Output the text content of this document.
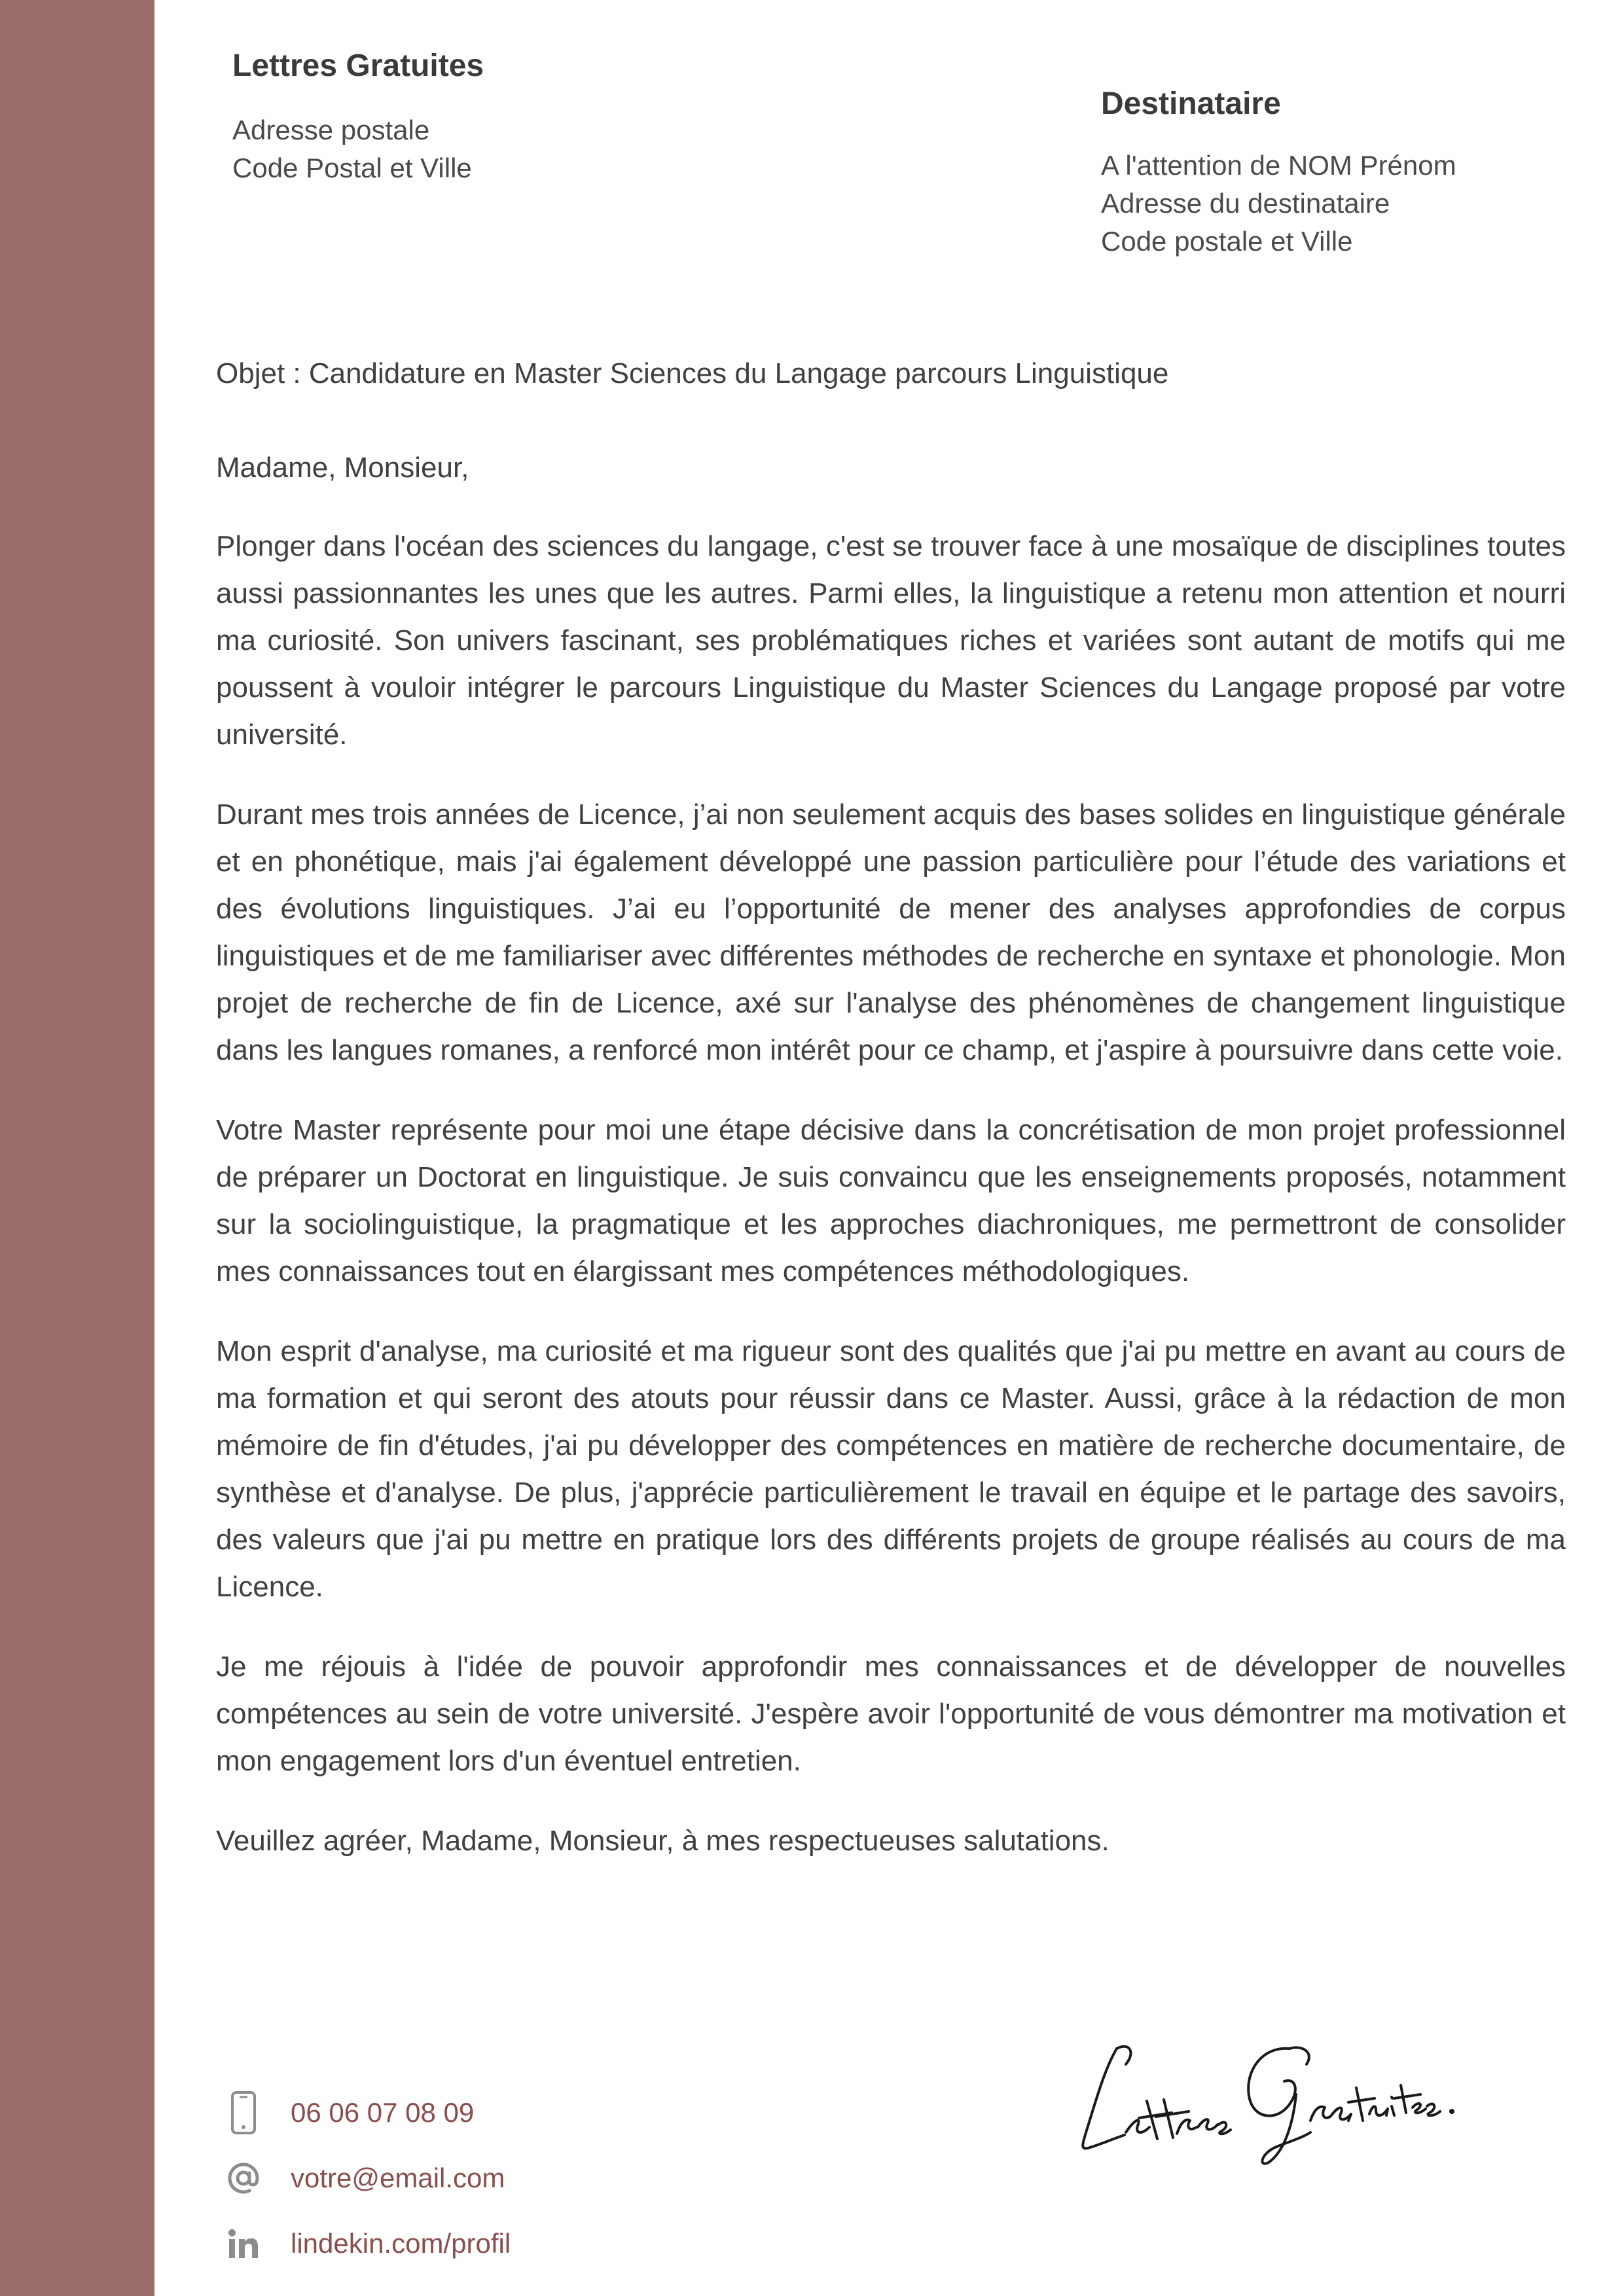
Lettres Gratuites
Adresse postale
Code Postal et Ville
Destinataire
A l'attention de NOM Prénom
Adresse du destinataire
Code postale et Ville

Objet : Candidature en Master Sciences du Langage parcours Linguistique

Madame, Monsieur,

Plonger dans l'océan des sciences du langage, c'est se trouver face à une mosaïque de disciplines toutes aussi passionnantes les unes que les autres. Parmi elles, la linguistique a retenu mon attention et nourri ma curiosité. Son univers fascinant, ses problématiques riches et variées sont autant de motifs qui me poussent à vouloir intégrer le parcours Linguistique du Master Sciences du Langage proposé par votre université.

Durant mes trois années de Licence, j’ai non seulement acquis des bases solides en linguistique générale et en phonétique, mais j'ai également développé une passion particulière pour l’étude des variations et des évolutions linguistiques. J’ai eu l’opportunité de mener des analyses approfondies de corpus linguistiques et de me familiariser avec différentes méthodes de recherche en syntaxe et phonologie. Mon projet de recherche de fin de Licence, axé sur l'analyse des phénomènes de changement linguistique dans les langues romanes, a renforcé mon intérêt pour ce champ, et j'aspire à poursuivre dans cette voie.

Votre Master représente pour moi une étape décisive dans la concrétisation de mon projet professionnel de préparer un Doctorat en linguistique. Je suis convaincu que les enseignements proposés, notamment sur la sociolinguistique, la pragmatique et les approches diachroniques, me permettront de consolider mes connaissances tout en élargissant mes compétences méthodologiques.

Mon esprit d'analyse, ma curiosité et ma rigueur sont des qualités que j'ai pu mettre en avant au cours de ma formation et qui seront des atouts pour réussir dans ce Master. Aussi, grâce à la rédaction de mon mémoire de fin d'études, j'ai pu développer des compétences en matière de recherche documentaire, de synthèse et d'analyse. De plus, j'apprécie particulièrement le travail en équipe et le partage des savoirs, des valeurs que j'ai pu mettre en pratique lors des différents projets de groupe réalisés au cours de ma Licence.

Je me réjouis à l'idée de pouvoir approfondir mes connaissances et de développer de nouvelles compétences au sein de votre université. J'espère avoir l'opportunité de vous démontrer ma motivation et mon engagement lors d'un éventuel entretien.

Veuillez agréer, Madame, Monsieur, à mes respectueuses salutations.

06 06 07 08 09
votre@email.com
lindekin.com/profil
